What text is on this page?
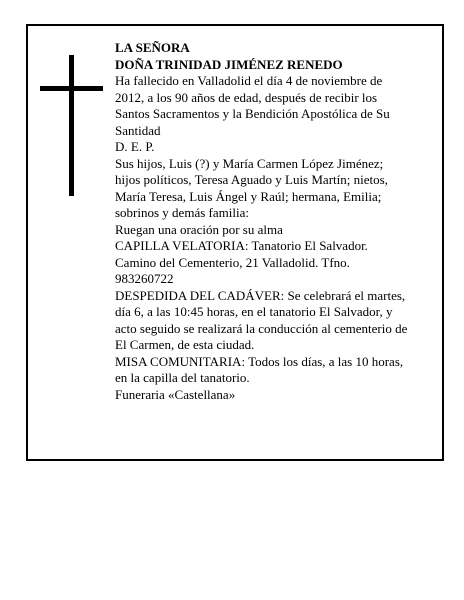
LA SEÑORA
DOÑA TRINIDAD JIMÉNEZ RENEDO
Ha fallecido en Valladolid el día 4 de noviembre de
2012, a los 90 años de edad, después de recibir los
Santos Sacramentos y la Bendición Apostólica de Su
Santidad
D. E. P.
Sus hijos, Luis (?) y María Carmen López Jiménez;
hijos políticos, Teresa Aguado y Luis Martín; nietos,
María Teresa, Luis Ángel y Raúl; hermana, Emilia;
sobrinos y demás familia:
Ruegan una oración por su alma
CAPILLA VELATORIA: Tanatorio El Salvador.
Camino del Cementerio, 21 Valladolid. Tfno.
983260722
DESPEDIDA DEL CADÁVER: Se celebrará el martes,
día 6, a las 10:45 horas, en el tanatorio El Salvador, y
acto seguido se realizará la conducción al cementerio de
El Carmen, de esta ciudad.
MISA COMUNITARIA: Todos los días, a las 10 horas,
en la capilla del tanatorio.
Funeraria «Castellana»
